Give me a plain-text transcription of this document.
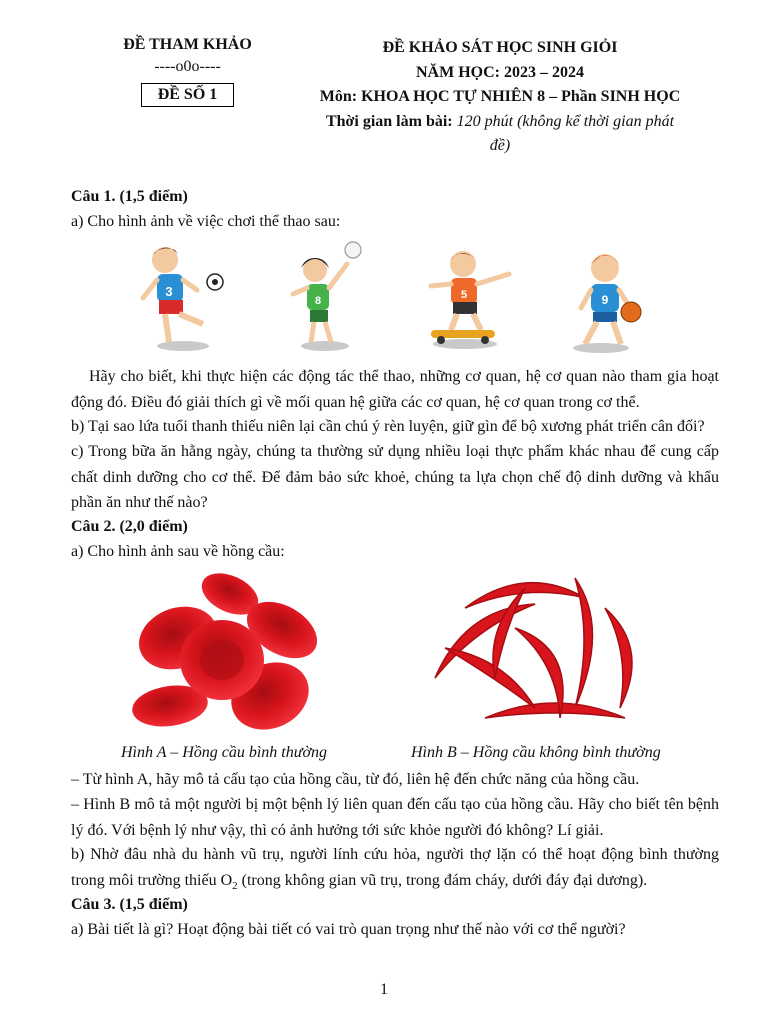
ĐỀ THAM KHẢO
----o0o----
ĐỀ SỐ 1
ĐỀ KHẢO SÁT HỌC SINH GIỎI
NĂM HỌC: 2023 – 2024
Môn: KHOA HỌC TỰ NHIÊN 8 – Phần SINH HỌC
Thời gian làm bài: 120 phút (không kể thời gian phát đề)

Câu 1. (1,5 điểm)

a) Cho hình ảnh về việc chơi thể thao sau:

3
8	5	9

Hãy cho biết, khi thực hiện các động tác thể thao, những cơ quan, hệ cơ quan nào tham gia hoạt động đó. Điều đó giải thích gì về mối quan hệ giữa các cơ quan, hệ cơ quan trong cơ thể.

b) Tại sao lứa tuổi thanh thiếu niên lại cần chú ý rèn luyện, giữ gìn để bộ xương phát triển cân đối?

c) Trong bữa ăn hằng ngày, chúng ta thường sử dụng nhiều loại thực phẩm khác nhau để cung cấp chất dinh dưỡng cho cơ thể. Để đảm bảo sức khoẻ, chúng ta lựa chọn chế độ dinh dưỡng và khẩu phần ăn như thế nào?

Câu 2. (2,0 điểm)

a) Cho hình ảnh sau về hồng cầu:

Hình A – Hồng cầu bình thường	Hình B – Hồng cầu không bình thường

– Từ hình A, hãy mô tả cấu tạo của hồng cầu, từ đó, liên hệ đến chức năng của hồng cầu.

– Hình B mô tả một người bị một bệnh lý liên quan đến cấu tạo của hồng cầu. Hãy cho biết tên bệnh lý đó. Với bệnh lý như vậy, thì có ảnh hưởng tới sức khỏe người đó không? Lí giải.

b) Nhờ đâu nhà du hành vũ trụ, người lính cứu hỏa, người thợ lặn có thể hoạt động bình thường trong môi trường thiếu $O_2$ (trong không gian vũ trụ, trong đám cháy, dưới đáy đại dương).

Câu 3. (1,5 điểm)

a) Bài tiết là gì? Hoạt động bài tiết có vai trò quan trọng như thế nào với cơ thể người?

1
